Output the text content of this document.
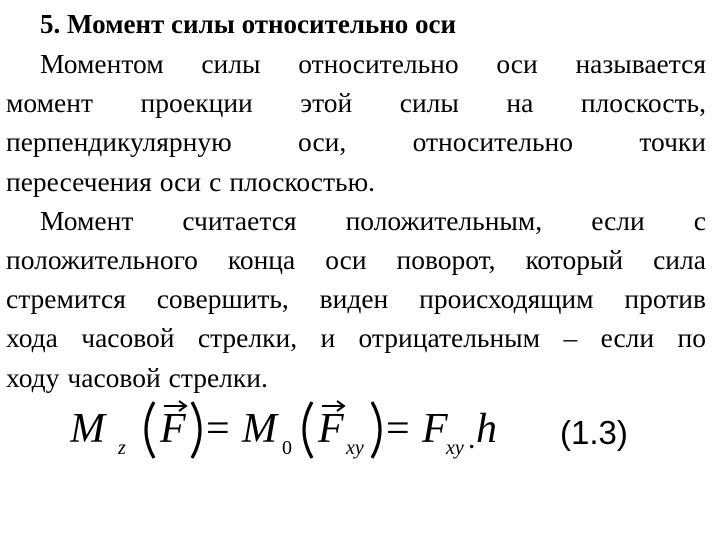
5. Момент силы относительно оси
Моментом силы относительно оси называется
момент проекции этой силы на плоскость,
перпендикулярную оси, относительно точки
пересечения оси с плоскостью.
Момент считается положительным, если с
положительного конца оси поворот, который сила
стремится совершить, виден происходящим против
хода часовой стрелки, и отрицательным – если по
ходу часовой стрелки.
M z F = M 0 F xy = F
xy . h (1.3)
